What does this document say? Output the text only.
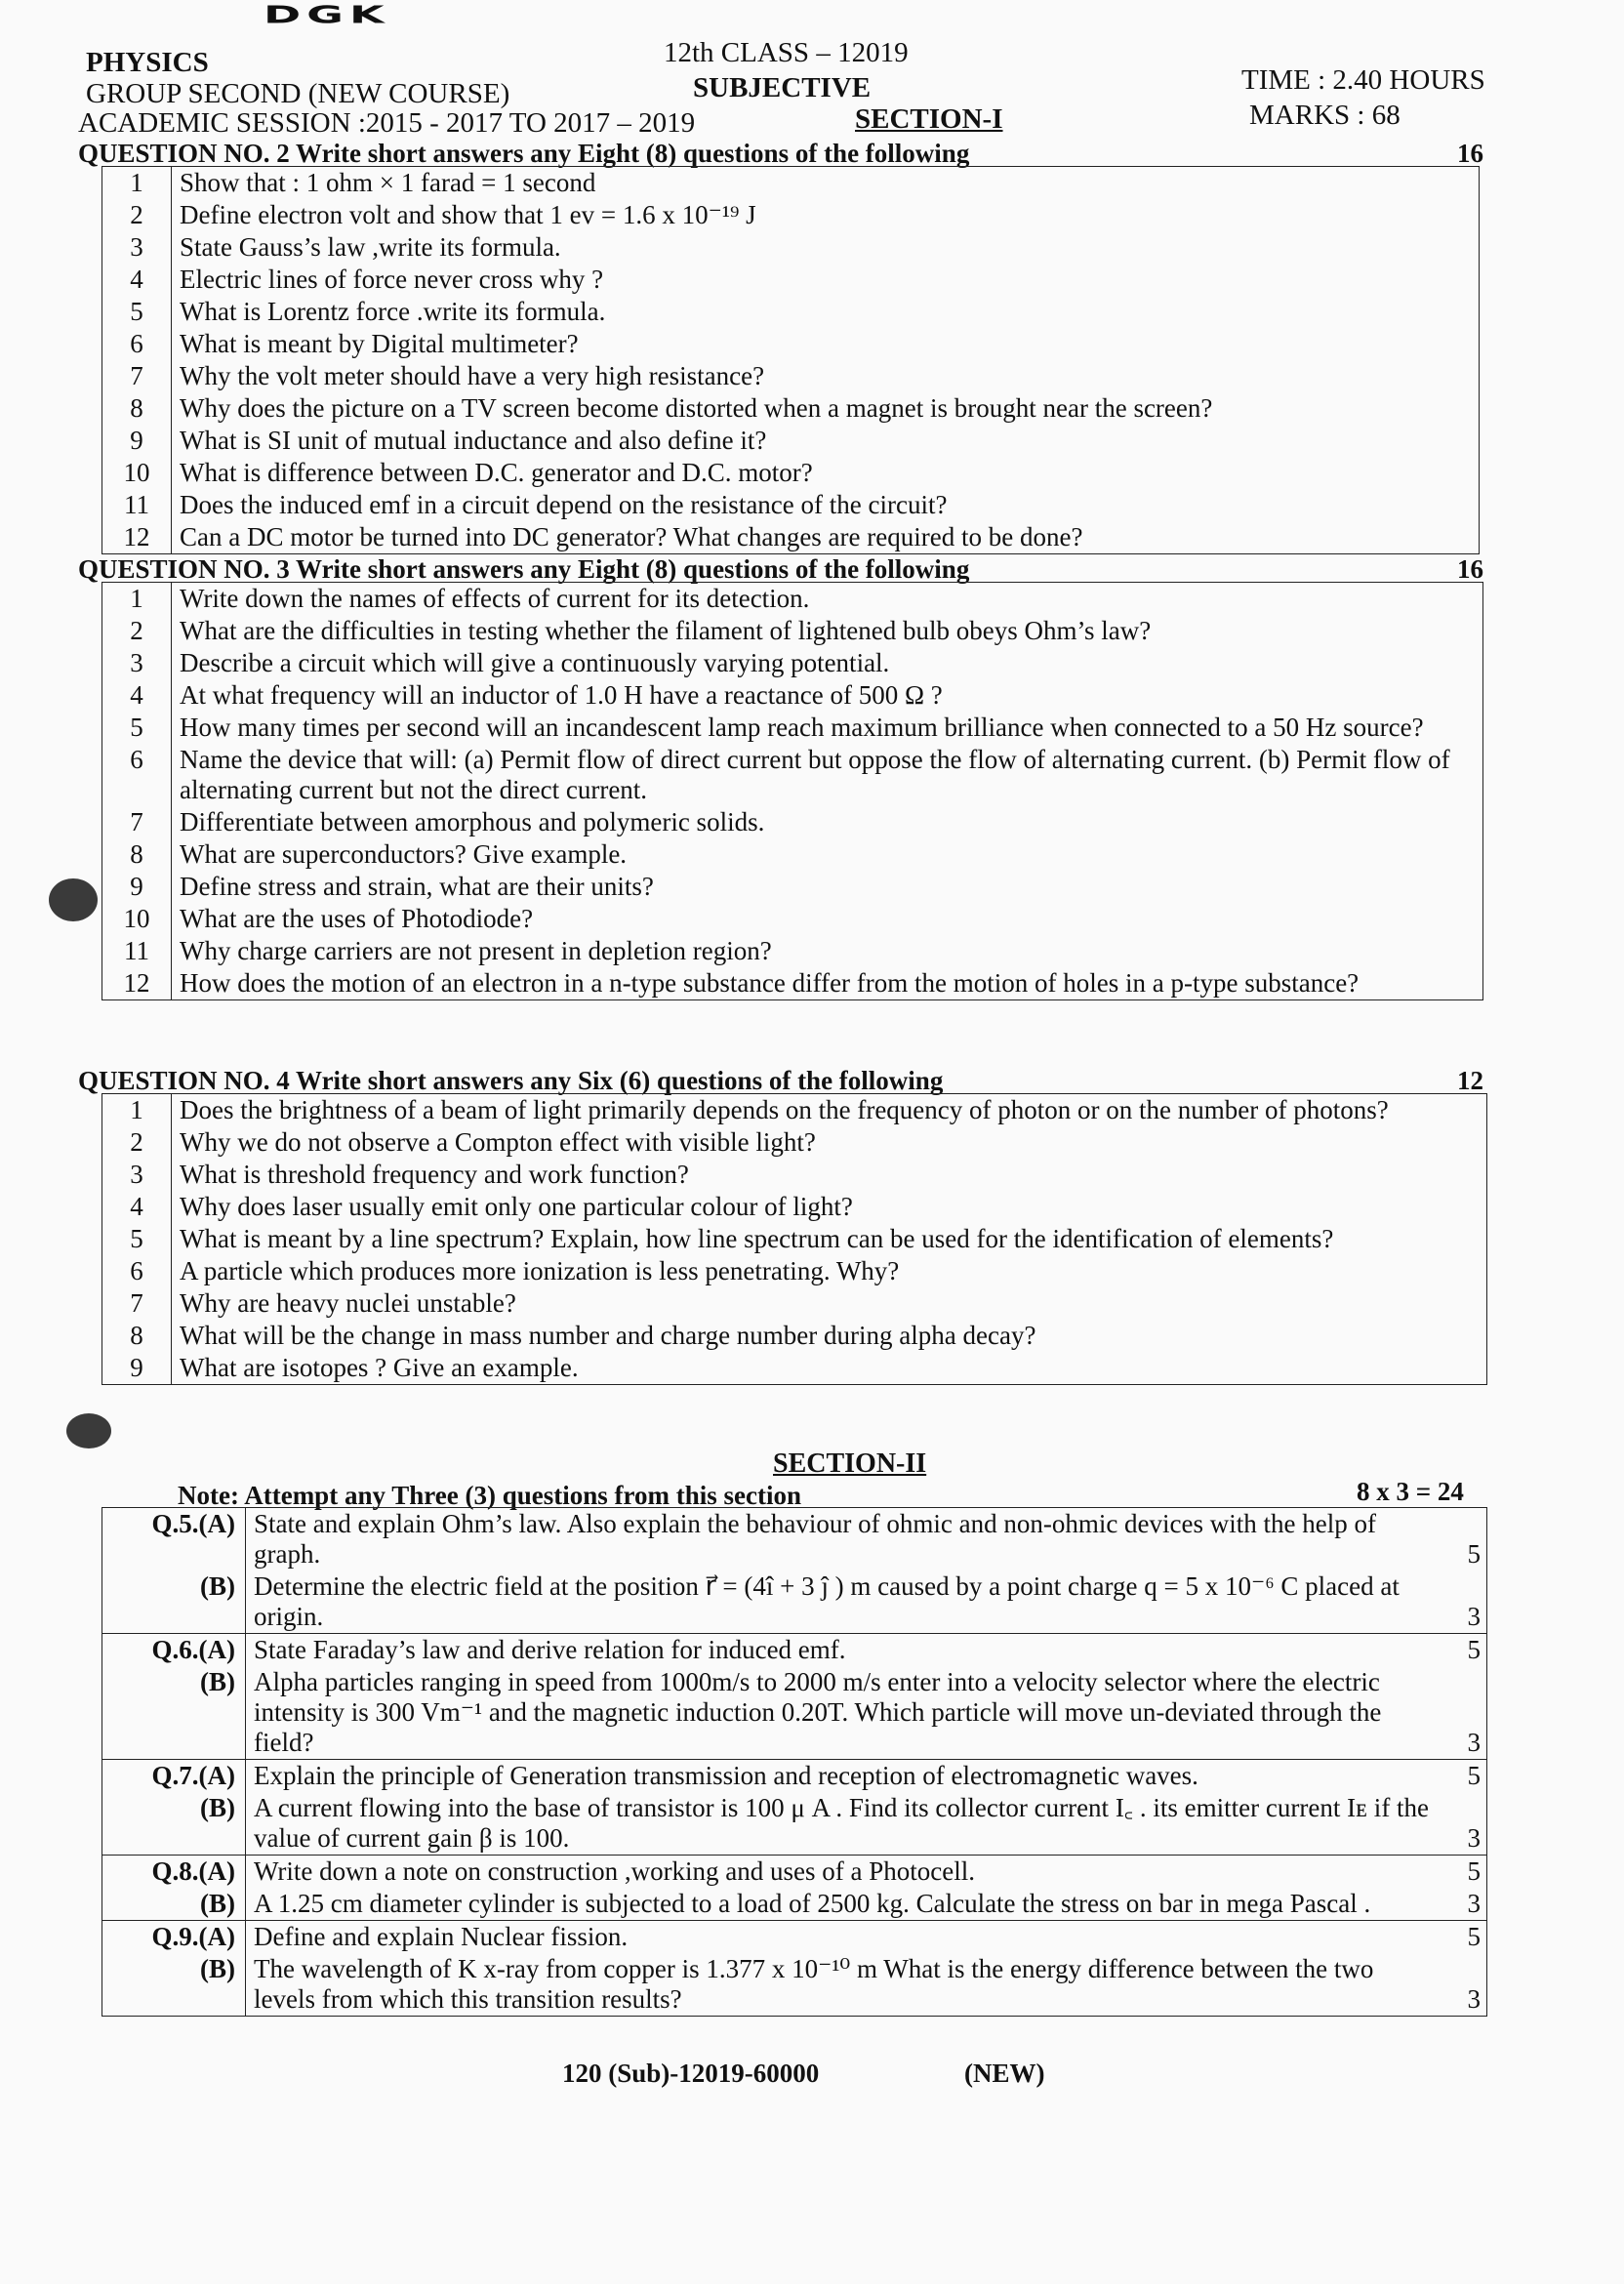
DGK
PHYSICS	12th CLASS – 12019
GROUP SECOND (NEW COURSE)	SUBJECTIVE	TIME : 2.40 HOURS
ACADEMIC SESSION :2015 - 2017 TO 2017 – 2019	SECTION-I	MARKS : 68
QUESTION NO. 2 Write short answers any Eight (8) questions of the following	16
1	Show that : 1 ohm × 1 farad = 1 second
2	Define electron volt and show that 1 ev = 1.6 x 10⁻¹⁹ J
3	State Gauss’s law ,write its formula.
4	Electric lines of force never cross why ?
5	What is Lorentz force .write its formula.
6	What is meant by Digital multimeter?
7	Why the volt meter should have a very high resistance?
8	Why does the picture on a TV screen become distorted when a magnet is brought near the screen?
9	What is SI unit of mutual inductance and also define it?
10	What is difference between D.C. generator and D.C. motor?
11	Does the induced emf in a circuit depend on the resistance of the circuit?
12	Can a DC motor be turned into DC generator? What changes are required to be done?
QUESTION NO. 3 Write short answers any Eight (8) questions of the following	16
1	Write down the names of effects of current for its detection.
2	What are the difficulties in testing whether the filament of lightened bulb obeys Ohm’s law?
3	Describe a circuit which will give a continuously varying potential.
4	At what frequency will an inductor of 1.0 H have a reactance of 500 Ω ?
5	How many times per second will an incandescent lamp reach maximum brilliance when connected to a 50 Hz source?
6	Name the device that will: (a) Permit flow of direct current but oppose the flow of alternating current. (b) Permit flow of alternating current but not the direct current.
7	Differentiate between amorphous and polymeric solids.
8	What are superconductors? Give example.
9	Define stress and strain, what are their units?
10	What are the uses of Photodiode?
11	Why charge carriers are not present in depletion region?
12	How does the motion of an electron in a n-type substance differ from the motion of holes in a p-type substance?
QUESTION NO. 4 Write short answers any Six (6) questions of the following	12
1	Does the brightness of a beam of light primarily depends on the frequency of photon or on the number of photons?
2	Why we do not observe a Compton effect with visible light?
3	What is threshold frequency and work function?
4	Why does laser usually emit only one particular colour of light?
5	What is meant by a line spectrum? Explain, how line spectrum can be used for the identification of elements?
6	A particle which produces more ionization is less penetrating. Why?
7	Why are heavy nuclei unstable?
8	What will be the change in mass number and charge number during alpha decay?
9	What are isotopes ? Give an example.
SECTION-II
Note: Attempt any Three (3) questions from this section	8 x 3 = 24
Q.5.(A)	State and explain Ohm’s law. Also explain the behaviour of ohmic and non-ohmic devices with the help of graph.	5
(B)	Determine the electric field at the position r⃗ = (4î + 3 ĵ ) m caused by a point charge q = 5 x 10⁻⁶ C placed at origin.	3
Q.6.(A)	State Faraday’s law and derive relation for induced emf.	5
(B)	Alpha particles ranging in speed from 1000m/s to 2000 m/s enter into a velocity selector where the electric intensity is 300 Vm⁻¹ and the magnetic induction 0.20T. Which particle will move un-deviated through the field?	3
Q.7.(A)	Explain the principle of Generation transmission and reception of electromagnetic waves.	5
(B)	A current flowing into the base of transistor is 100 μ A . Find its collector current I꜀ . its emitter current Iᴇ if the value of current gain β is 100.	3
Q.8.(A)	Write down a note on construction ,working and uses of a Photocell.	5
(B)	A 1.25 cm diameter cylinder is subjected to a load of 2500 kg. Calculate the stress on bar in mega Pascal .	3
Q.9.(A)	Define and explain Nuclear fission.	5
(B)	The wavelength of K x-ray from copper is 1.377 x 10⁻¹⁰ m What is the energy difference between the two levels from which this transition results?	3
120 (Sub)-12019-60000	(NEW)
